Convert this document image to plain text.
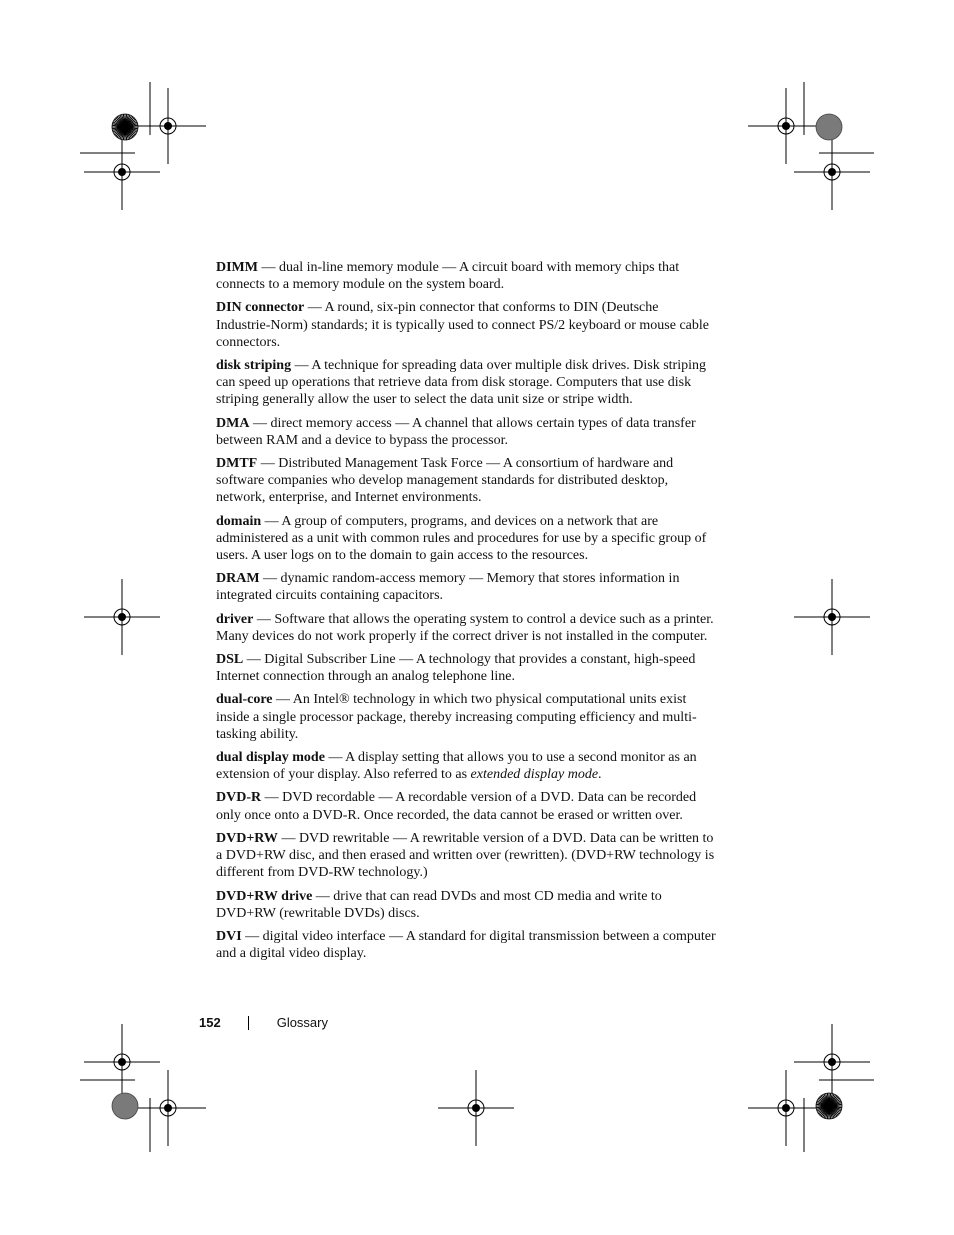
DIMM — dual in-line memory module — A circuit board with memory chips that connects to a memory module on the system board.

DIN connector — A round, six-pin connector that conforms to DIN (Deutsche Industrie-Norm) standards; it is typically used to connect PS/2 keyboard or mouse cable connectors.

disk striping — A technique for spreading data over multiple disk drives. Disk striping can speed up operations that retrieve data from disk storage. Computers that use disk striping generally allow the user to select the data unit size or stripe width.

DMA — direct memory access — A channel that allows certain types of data transfer between RAM and a device to bypass the processor.

DMTF — Distributed Management Task Force — A consortium of hardware and software companies who develop management standards for distributed desktop, network, enterprise, and Internet environments.

domain — A group of computers, programs, and devices on a network that are administered as a unit with common rules and procedures for use by a specific group of users. A user logs on to the domain to gain access to the resources.

DRAM — dynamic random-access memory — Memory that stores information in integrated circuits containing capacitors.

driver — Software that allows the operating system to control a device such as a printer. Many devices do not work properly if the correct driver is not installed in the computer.

DSL — Digital Subscriber Line — A technology that provides a constant, high-speed Internet connection through an analog telephone line.

dual-core — An Intel® technology in which two physical computational units exist inside a single processor package, thereby increasing computing efficiency and multi-tasking ability.

dual display mode — A display setting that allows you to use a second monitor as an extension of your display. Also referred to as extended display mode.

DVD-R — DVD recordable — A recordable version of a DVD. Data can be recorded only once onto a DVD-R. Once recorded, the data cannot be erased or written over.

DVD+RW — DVD rewritable — A rewritable version of a DVD. Data can be written to a DVD+RW disc, and then erased and written over (rewritten). (DVD+RW technology is different from DVD-RW technology.)

DVD+RW drive — drive that can read DVDs and most CD media and write to DVD+RW (rewritable DVDs) discs.

DVI — digital video interface — A standard for digital transmission between a computer and a digital video display.

152	Glossary
